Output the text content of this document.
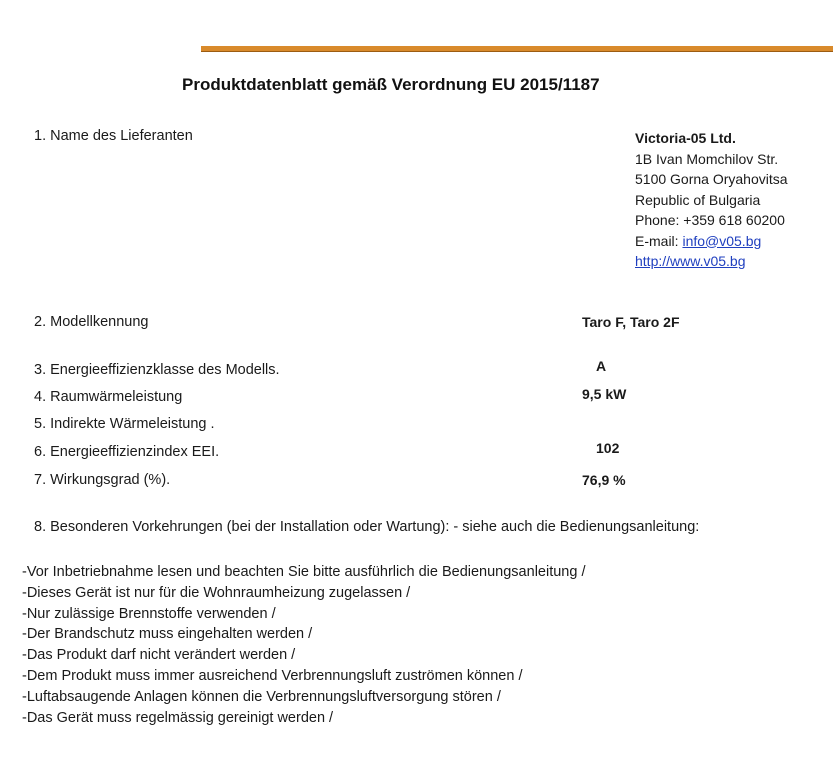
Produktdatenblatt gemäß Verordnung EU 2015/1187
1. Name des Lieferanten	Victoria-05 Ltd.
1B Ivan Momchilov Str.
5100 Gorna Oryahovitsa
Republic of Bulgaria
Phone: +359 618 60200
E-mail: info@v05.bg
http://www.v05.bg
2. Modellkennung	Taro F, Taro 2F
3. Energieeffizienzklasse des Modells.	A
4. Raumwärmeleistung	9,5 kW
5. Indirekte Wärmeleistung .
6. Energieeffizienzindex EEI.	102
7. Wirkungsgrad (%).	76,9 %
8. Besonderen Vorkehrungen (bei der Installation oder Wartung): - siehe auch die Bedienungsanleitung:
-Vor Inbetriebnahme lesen und beachten Sie bitte ausführlich die Bedienungsanleitung /
-Dieses Gerät ist nur für die Wohnraumheizung zugelassen /
-Nur zulässige Brennstoffe verwenden /
-Der Brandschutz muss eingehalten werden /
-Das Produkt darf nicht verändert werden /
-Dem Produkt muss immer ausreichend Verbrennungsluft zuströmen können /
-Luftabsaugende Anlagen können die Verbrennungsluftversorgung stören /
-Das Gerät muss regelmässig gereinigt werden /
